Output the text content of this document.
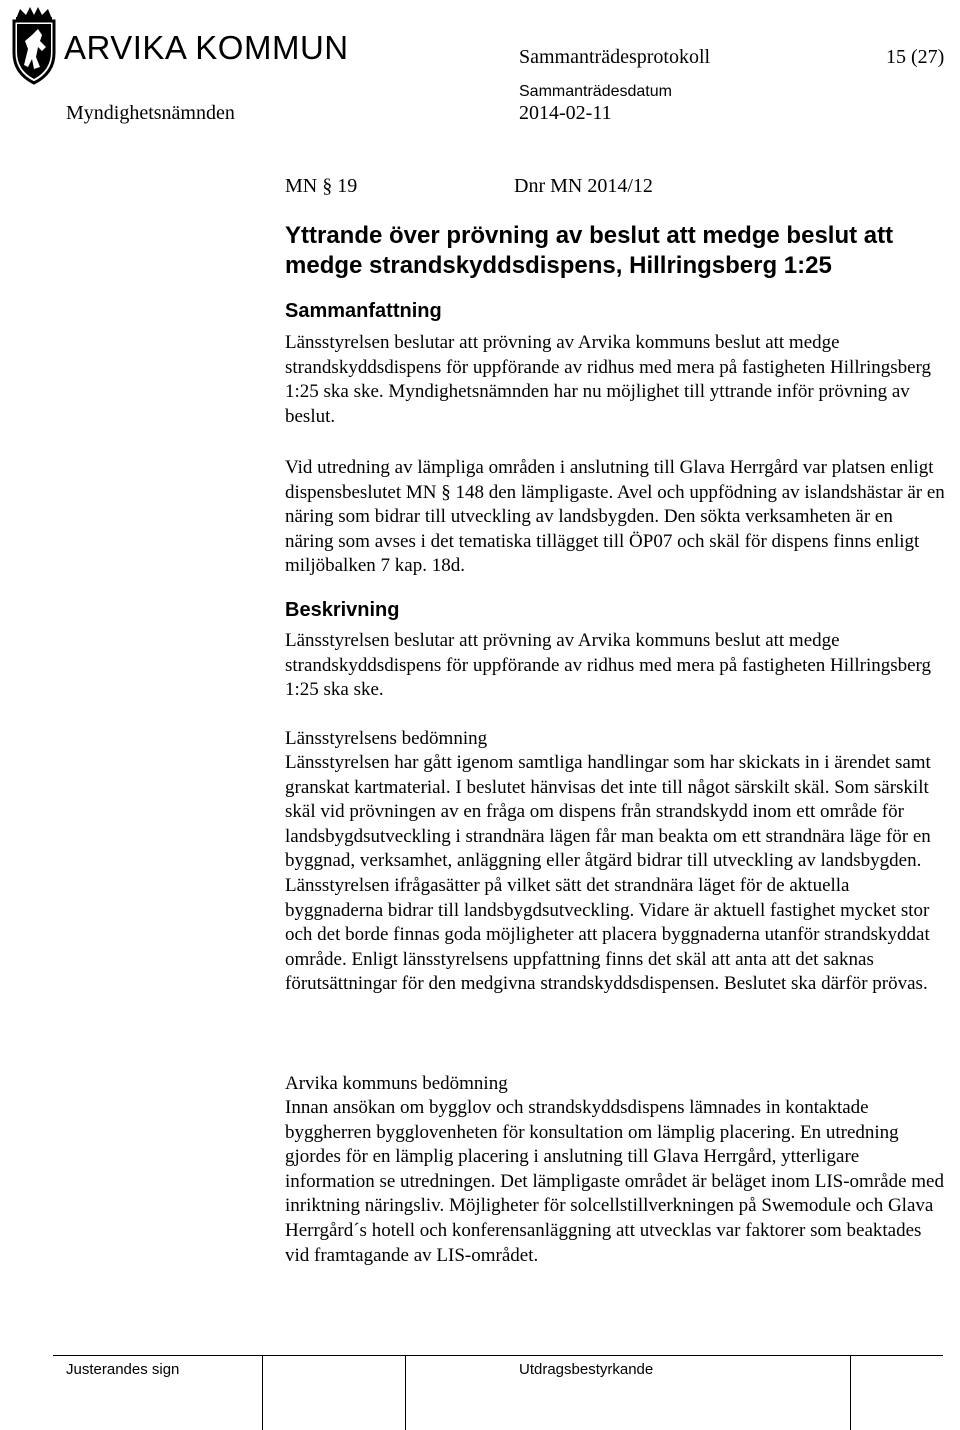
ARVIKA KOMMUN	Sammanträdesprotokoll	15 (27)
Myndighetsnämnden
Sammanträdesdatum
2014-02-11
MN § 19	Dnr MN 2014/12
Yttrande över prövning av beslut att medge beslut att medge strandskyddsdispens, Hillringsberg 1:25
Sammanfattning

Länsstyrelsen beslutar att prövning av Arvika kommuns beslut att medge strandskyddsdispens för uppförande av ridhus med mera på fastigheten Hillringsberg 1:25 ska ske. Myndighetsnämnden har nu möjlighet till yttrande inför prövning av beslut.

Vid utredning av lämpliga områden i anslutning till Glava Herrgård var platsen enligt dispensbeslutet MN § 148 den lämpligaste. Avel och uppfödning av islandshästar är en näring som bidrar till utveckling av landsbygden. Den sökta verksamheten är en näring som avses i det tematiska tillägget till ÖP07 och skäl för dispens finns enligt miljöbalken 7 kap. 18d.

Beskrivning

Länsstyrelsen beslutar att prövning av Arvika kommuns beslut att medge strandskyddsdispens för uppförande av ridhus med mera på fastigheten Hillringsberg 1:25 ska ske.

Länsstyrelsens bedömning

Länsstyrelsen har gått igenom samtliga handlingar som har skickats in i ärendet samt granskat kartmaterial. I beslutet hänvisas det inte till något särskilt skäl. Som särskilt skäl vid prövningen av en fråga om dispens från strandskydd inom ett område för landsbygdsutveckling i strandnära lägen får man beakta om ett strandnära läge för en byggnad, verksamhet, anläggning eller åtgärd bidrar till utveckling av landsbygden. Länsstyrelsen ifrågasätter på vilket sätt det strandnära läget för de aktuella byggnaderna bidrar till landsbygdsutveckling. Vidare är aktuell fastighet mycket stor och det borde finnas goda möjligheter att placera byggnaderna utanför strandskyddat område. Enligt länsstyrelsens uppfattning finns det skäl att anta att det saknas förutsättningar för den medgivna strandskyddsdispensen. Beslutet ska därför prövas.

Arvika kommuns bedömning

Innan ansökan om bygglov och strandskyddsdispens lämnades in kontaktade byggherren bygglovenheten för konsultation om lämplig placering. En utredning gjordes för en lämplig placering i anslutning till Glava Herrgård, ytterligare information se utredningen. Det lämpligaste området är beläget inom LIS-område med inriktning näringsliv. Möjligheter för solcellstillverkningen på Swemodule och Glava Herrgård´s hotell och konferensanläggning att utvecklas var faktorer som beaktades vid framtagande av LIS-området.

Justerandes sign	Utdragsbestyrkande
